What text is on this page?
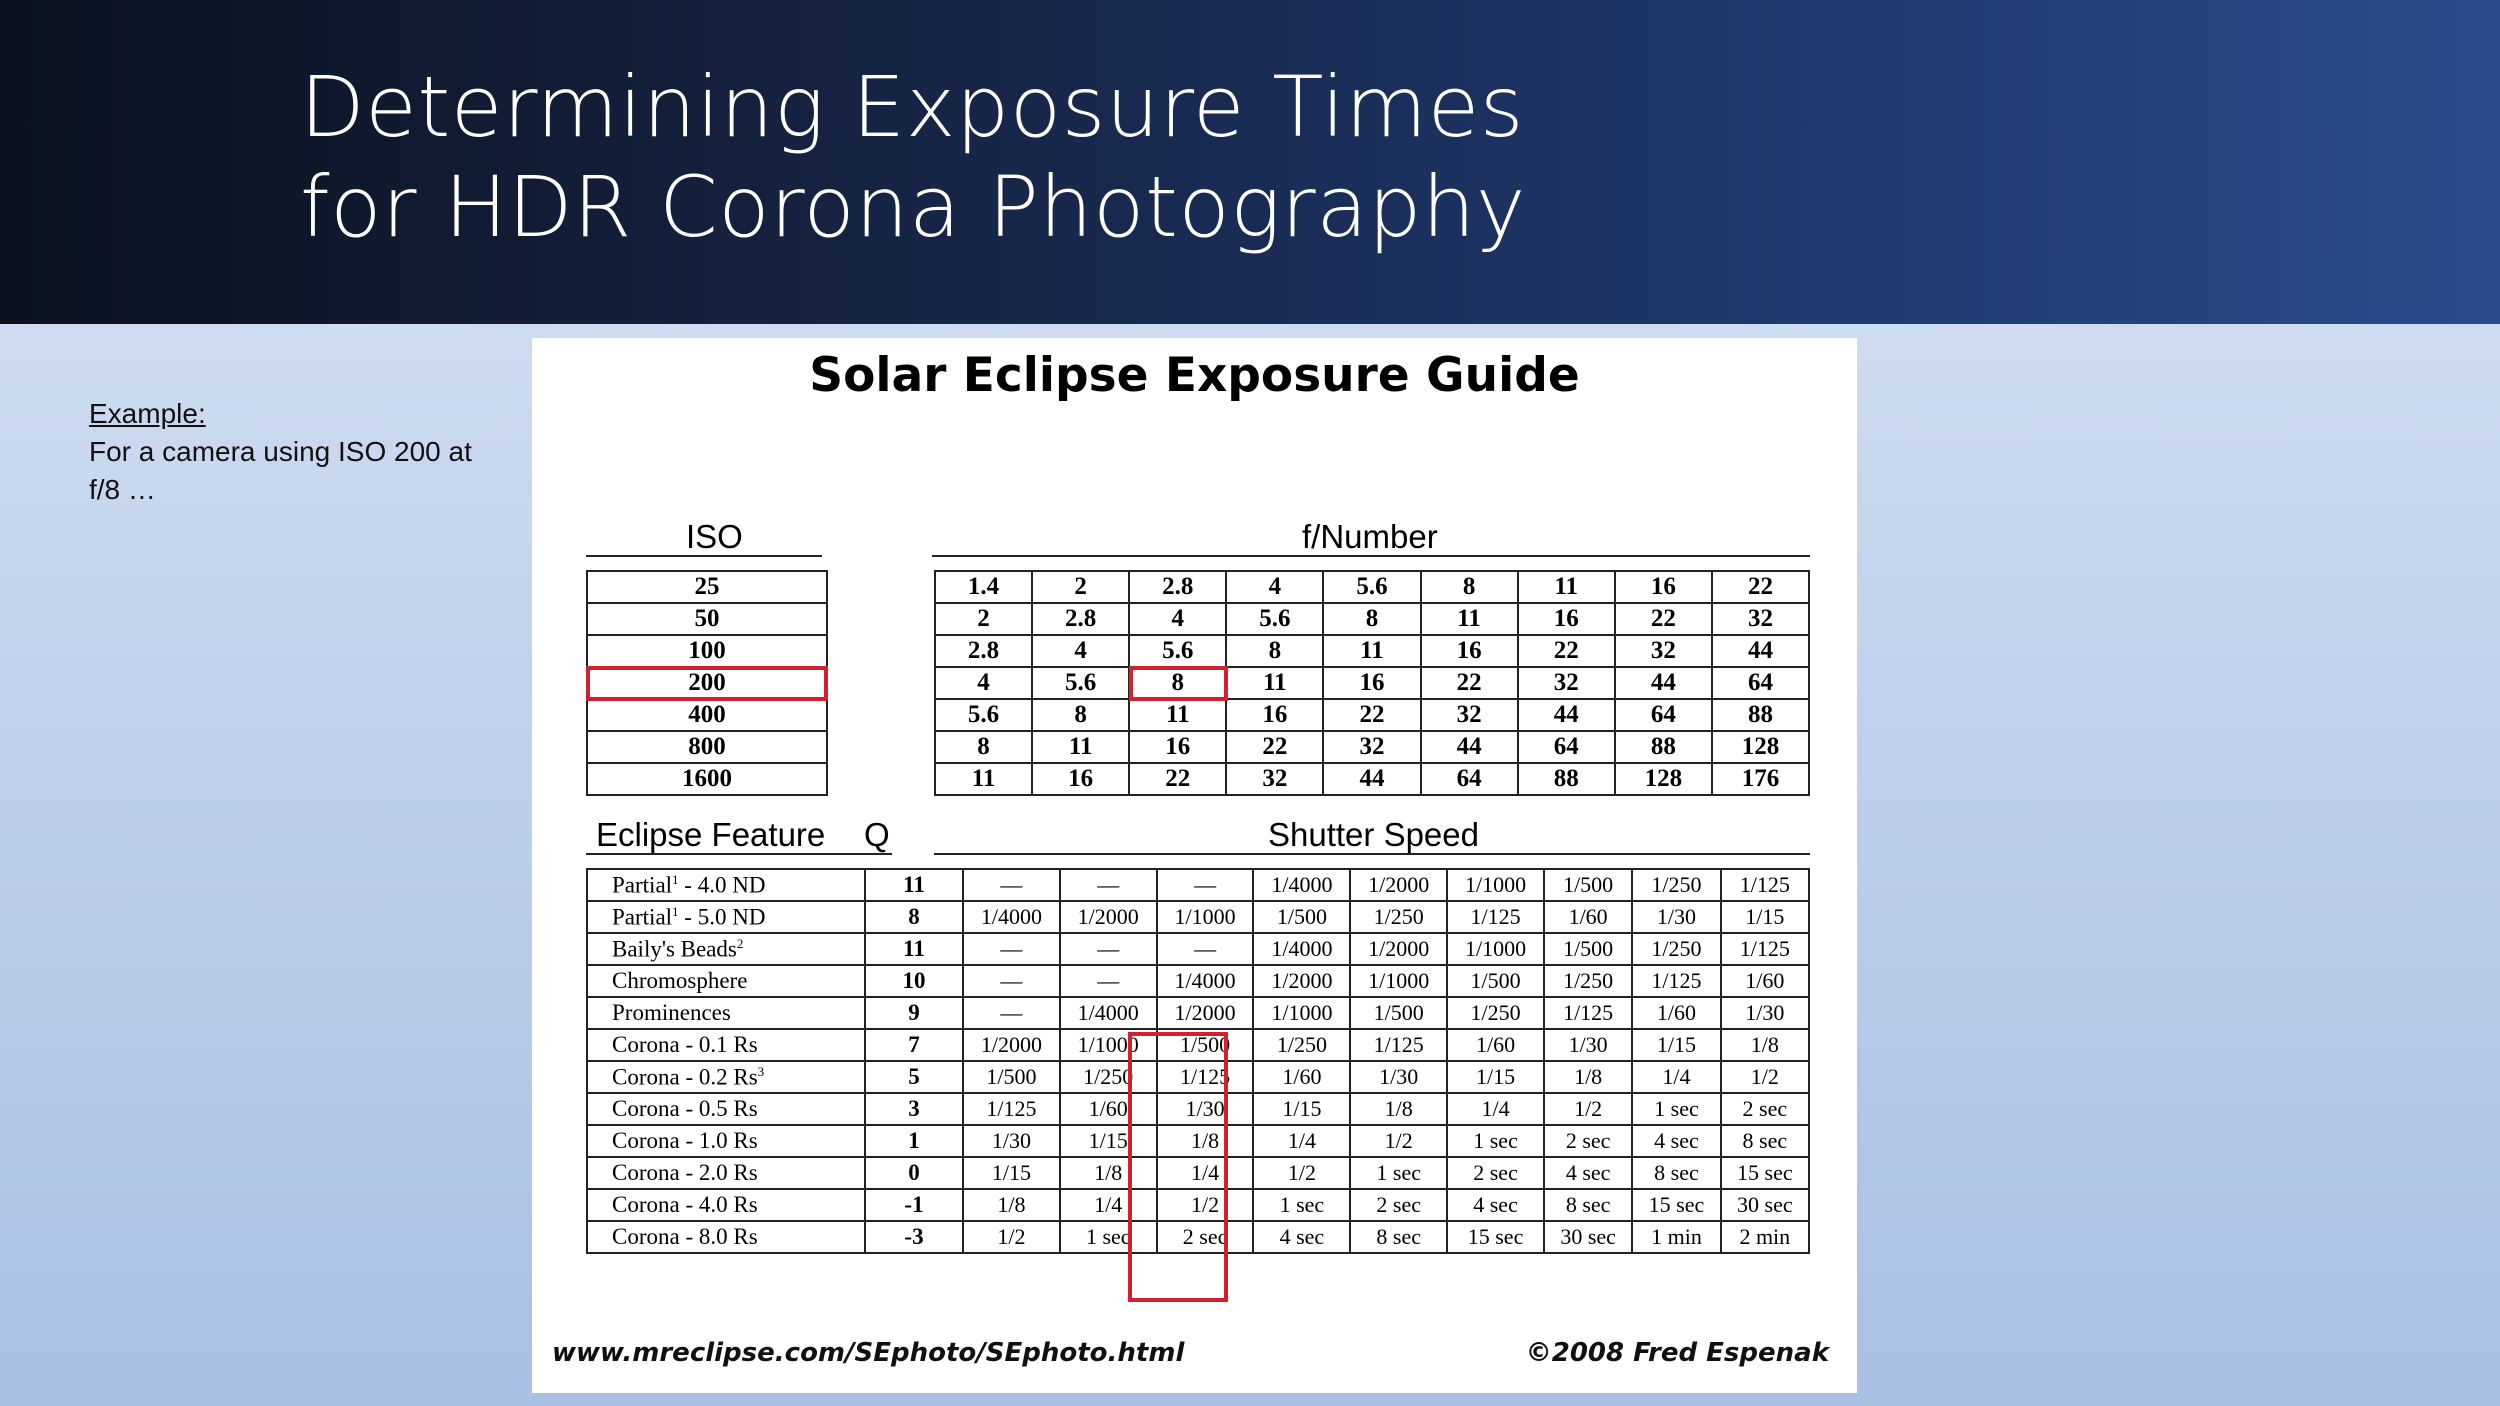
Determining Exposure Times
for HDR Corona Photography
Example:
For a camera using ISO 200 at f/8 …
Solar Eclipse Exposure Guide
ISO	f/Number
25
50
100
200
400
800
1600
1.4	2	2.8	4	5.6	8	11	16	22
2	2.8	4	5.6	8	11	16	22	32
2.8	4	5.6	8	11	16	22	32	44
4	5.6	8	11	16	22	32	44	64
5.6	8	11	16	22	32	44	64	88
8	11	16	22	32	44	64	88	128
11	16	22	32	44	64	88	128	176
Eclipse Feature Q	Shutter Speed
Partial$^1$ - 4.0 ND	11	—	—	—	1/4000	1/2000	1/1000	1/500	1/250	1/125
Partial$^1$ - 5.0 ND	8	1/4000	1/2000	1/1000	1/500	1/250	1/125	1/60	1/30	1/15
Baily's Beads$^2$	11	—	—	—	1/4000	1/2000	1/1000	1/500	1/250	1/125
Chromosphere	10	—	—	1/4000	1/2000	1/1000	1/500	1/250	1/125	1/60
Prominences	9	—	1/4000	1/2000	1/1000	1/500	1/250	1/125	1/60	1/30
Corona - 0.1 Rs	7	1/2000	1/1000	1/500	1/250	1/125	1/60	1/30	1/15	1/8
Corona - 0.2 Rs$^3$	5	1/500	1/250	1/125	1/60	1/30	1/15	1/8	1/4	1/2
Corona - 0.5 Rs	3	1/125	1/60	1/30	1/15	1/8	1/4	1/2	1 sec	2 sec
Corona - 1.0 Rs	1	1/30	1/15	1/8	1/4	1/2	1 sec	2 sec	4 sec	8 sec
Corona - 2.0 Rs	0	1/15	1/8	1/4	1/2	1 sec	2 sec	4 sec	8 sec	15 sec
Corona - 4.0 Rs	-1	1/8	1/4	1/2	1 sec	2 sec	4 sec	8 sec	15 sec	30 sec
Corona - 8.0 Rs	-3	1/2	1 sec	2 sec	4 sec	8 sec	15 sec	30 sec	1 min	2 min
www.mreclipse.com/SEphoto/SEphoto.html	©2008 Fred Espenak
